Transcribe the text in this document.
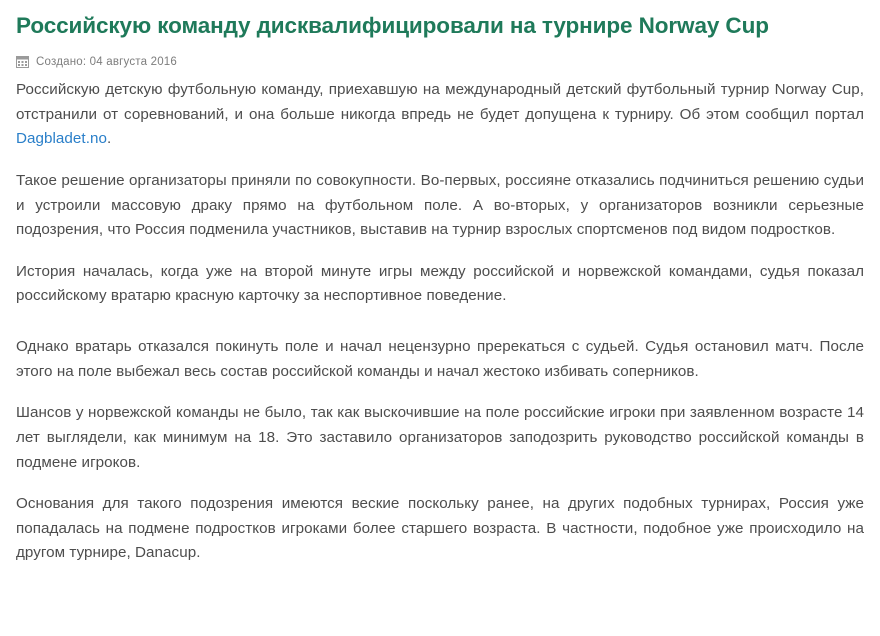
Российскую команду дисквалифицировали на турнире Norway Cup
Создано: 04 августа 2016

Российскую детскую футбольную команду, приехавшую на международный детский футбольный турнир Norway Cup, отстранили от соревнований, и она больше никогда впредь не будет допущена к турниру. Об этом сообщил портал Dagbladet.no.

Такое решение организаторы приняли по совокупности. Во-первых, россияне отказались подчиниться решению судьи и устроили массовую драку прямо на футбольном поле. А во-вторых, у организаторов возникли серьезные подозрения, что Россия подменила участников, выставив на турнир взрослых спортсменов под видом подростков.

История началась, когда уже на второй минуте игры между российской и норвежской командами, судья показал российскому вратарю красную карточку за неспортивное поведение.

Однако вратарь отказался покинуть поле и начал нецензурно пререкаться с судьей. Судья остановил матч. После этого на поле выбежал весь состав российской команды и начал жестоко избивать соперников.

Шансов у норвежской команды не было, так как выскочившие на поле российские игроки при заявленном возрасте 14 лет выглядели, как минимум на 18. Это заставило организаторов заподозрить руководство российской команды в подмене игроков.

Основания для такого подозрения имеются веские поскольку ранее, на других подобных турнирах, Россия уже попадалась на подмене подростков игроками более старшего возраста. В частности, подобное уже происходило на другом турнире, Danacup.
